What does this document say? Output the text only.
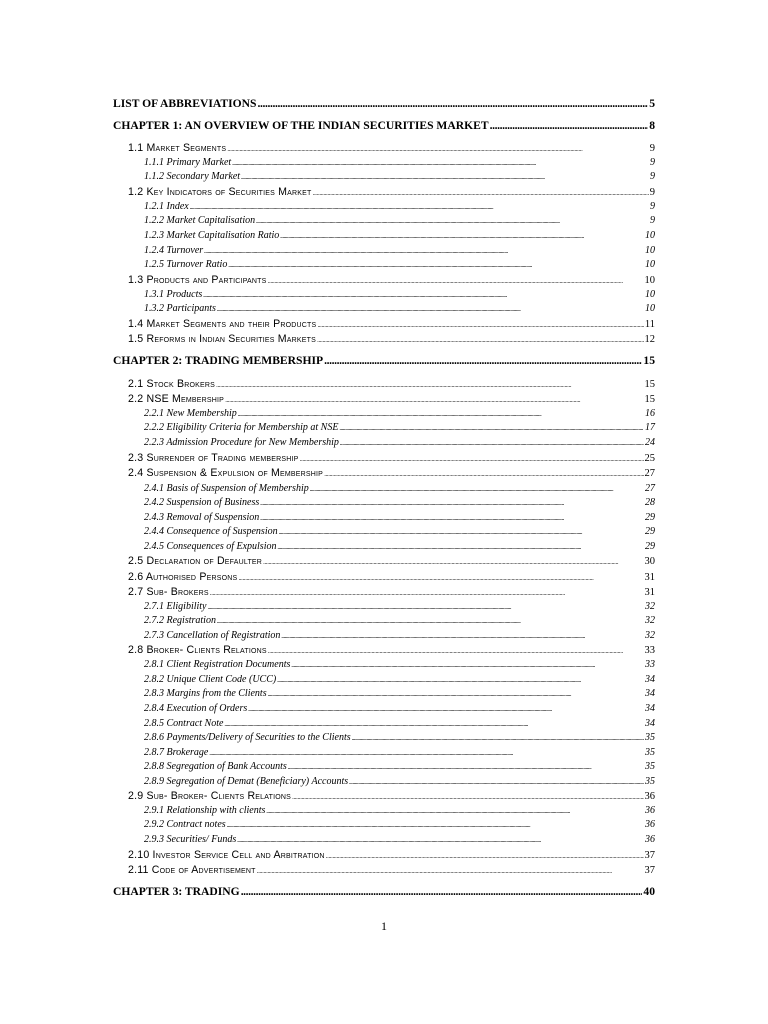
LIST OF ABBREVIATIONS .....	5
CHAPTER 1: AN OVERVIEW OF THE INDIAN SECURITIES MARKET .....	8
1.1 Market Segments .....	9
1.1.1 Primary Market .....	9
1.1.2 Secondary Market .....	9
1.2 Key Indicators of Securities Market .....	9
1.2.1 Index .....	9
1.2.2 Market Capitalisation .....	9
1.2.3 Market Capitalisation Ratio .....	10
1.2.4 Turnover .....	10
1.2.5 Turnover Ratio .....	10
1.3 Products and Participants .....	10
1.3.1 Products .....	10
1.3.2 Participants .....	10
1.4 Market Segments and their Products .....	11
1.5 Reforms in Indian Securities Markets .....	12
CHAPTER 2: TRADING MEMBERSHIP .....	15
2.1 Stock Brokers .....	15
2.2 NSE Membership .....	15
2.2.1 New Membership .....	16
2.2.2 Eligibility Criteria for Membership at NSE .....	17
2.2.3 Admission Procedure for New Membership .....	24
2.3 Surrender of Trading membership .....	25
2.4 Suspension & Expulsion of Membership .....	27
2.4.1 Basis of Suspension of Membership .....	27
2.4.2 Suspension of Business .....	28
2.4.3 Removal of Suspension .....	29
2.4.4 Consequence of Suspension .....	29
2.4.5 Consequences of Expulsion .....	29
2.5 Declaration of Defaulter .....	30
2.6 Authorised Persons .....	31
2.7 Sub- Brokers .....	31
2.7.1 Eligibility .....	32
2.7.2 Registration .....	32
2.7.3 Cancellation of Registration .....	32
2.8 Broker- Clients Relations .....	33
2.8.1 Client Registration Documents .....	33
2.8.2 Unique Client Code (UCC) .....	34
2.8.3 Margins from the Clients .....	34
2.8.4 Execution of Orders .....	34
2.8.5 Contract Note .....	34
2.8.6 Payments/Delivery of Securities to the Clients .....	35
2.8.7 Brokerage .....	35
2.8.8 Segregation of Bank Accounts .....	35
2.8.9 Segregation of Demat (Beneficiary) Accounts .....	35
2.9 Sub- Broker- Clients Relations .....	36
2.9.1 Relationship with clients .....	36
2.9.2 Contract notes .....	36
2.9.3 Securities/ Funds .....	36
2.10 Investor Service Cell and Arbitration .....	37
2.11 Code of Advertisement .....	37
CHAPTER 3: TRADING .....	40
1
